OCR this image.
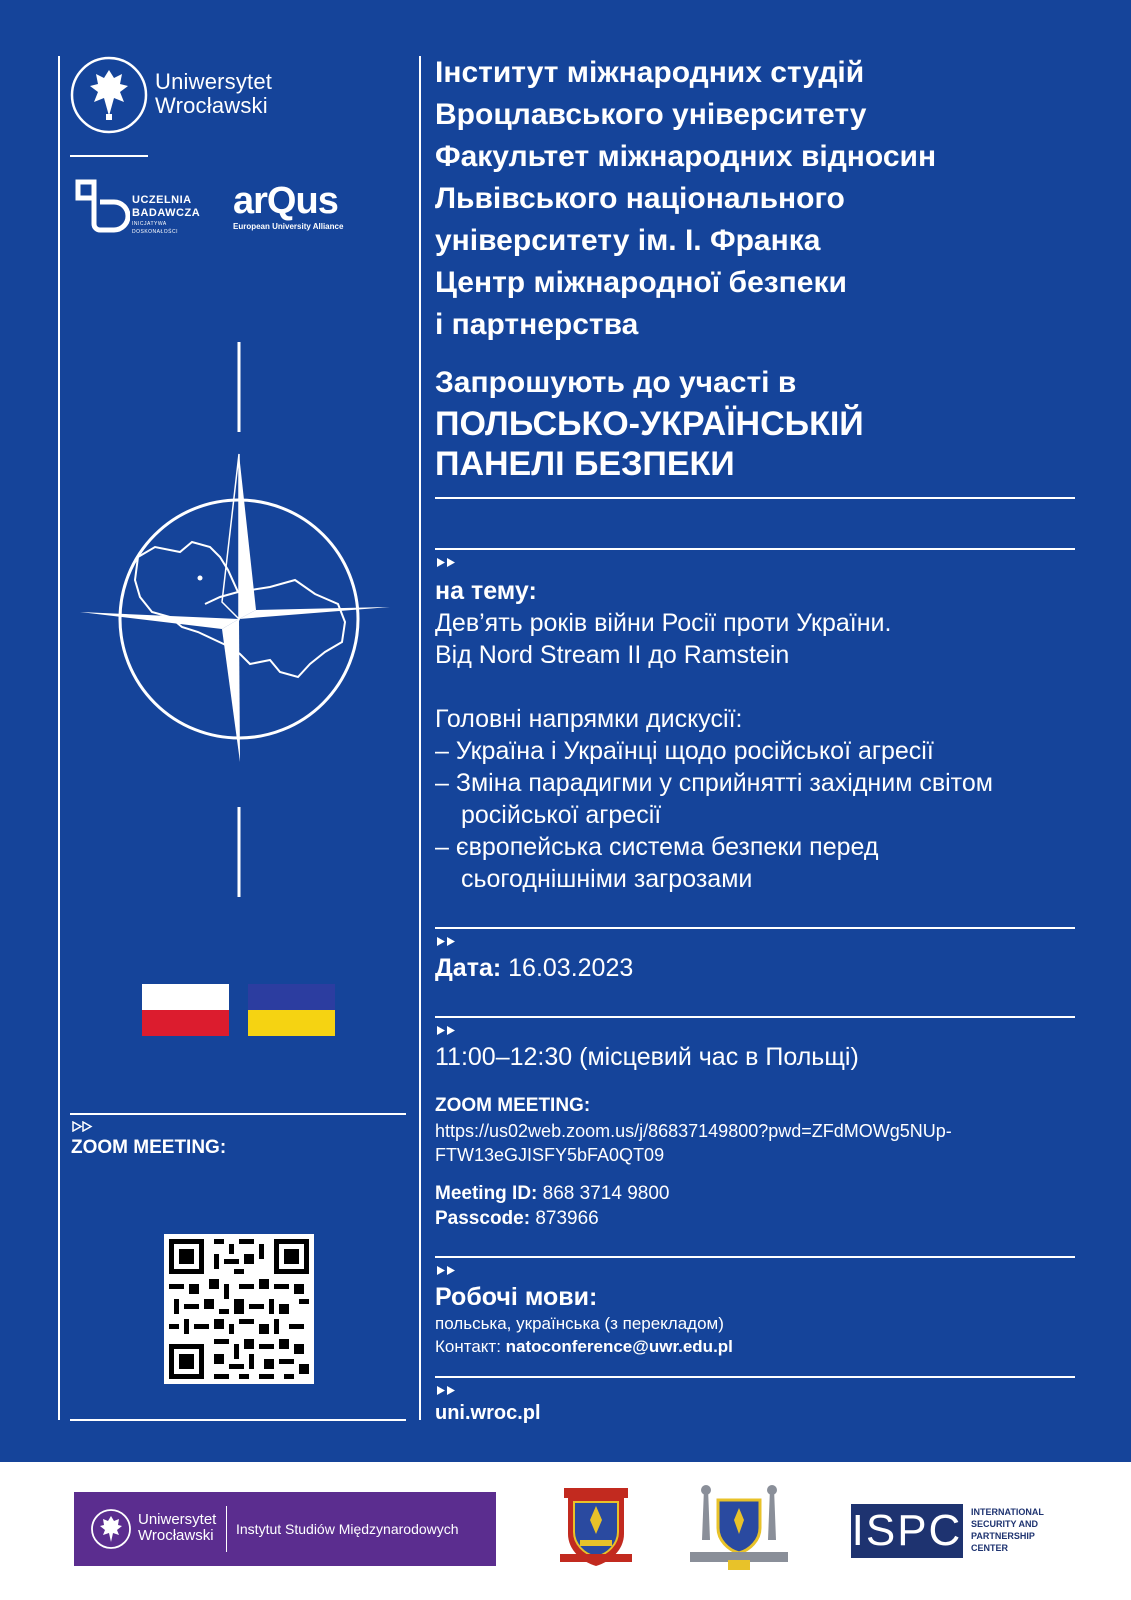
Uniwersytet
Wrocławski
UCZELNIA
BADAWCZA
INICJATYWA DOSKONAŁOŚCI
arQus
European University Alliance
ZOOM MEETING:
Інститут міжнародних студій
Вроцлавського університету
Факультет міжнародних відносин
Львівського національного
університету ім. І. Франка
Центр міжнародної безпеки
і партнерства
Запрошують до участі в
ПОЛЬСЬКО-УКРАЇНСЬКІЙ
ПАНЕЛІ БЕЗПЕКИ
на тему:
Дев’ять років війни Росії проти України.
Від Nord Stream II до Ramstein
Головні напрямки дискусії:
– Україна і Українці щодо російської агресії
– Зміна парадигми у сприйнятті західним світом
російської агресії
– європейська система безпеки перед
сьогоднішніми загрозами
Дата: 16.03.2023
11:00–12:30 (місцевий час в Польщі)
ZOOM MEETING:
https://us02web.zoom.us/j/86837149800?pwd=ZFdMOWg5NUp-
FTW13eGJISFY5bFA0QT09
Meeting ID: 868 3714 9800
Passcode: 873966
Робочі мови:
польська, українська (з перекладом)
Контакт: natoconference@uwr.edu.pl
uni.wroc.pl
Uniwersytet
Wrocławski Instytut Studiów Międzynarodowych	ISPC INTERNATIONAL
SECURITY AND
PARTNERSHIP
CENTER
